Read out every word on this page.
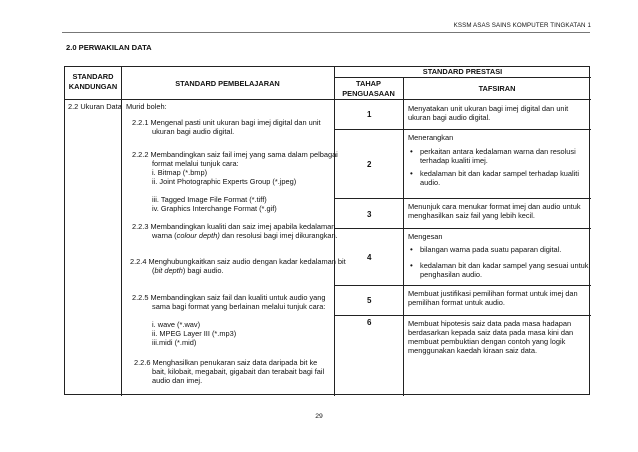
KSSM ASAS SAINS KOMPUTER TINGKATAN 1
2.0 PERWAKILAN DATA
STANDARD KANDUNGAN	STANDARD PEMBELAJARAN
STANDARD PRESTASI
TAHAP PENGUASAAN
TAFSIRAN
2.2 Ukuran Data Murid boleh:
2.2.1 Mengenal pasti unit ukuran bagi imej digital dan unit ukuran bagi audio digital.
2.2.2 Membandingkan saiz fail imej yang sama dalam pelbagai format melalui tunjuk cara:
i. Bitmap (*.bmp)
ii. Joint Photographic Experts Group (*.jpeg)
iii. Tagged Image File Format (*.tiff)
iv. Graphics Interchange Format (*.gif)
2.2.3 Membandingkan kualiti dan saiz imej apabila kedalaman warna (colour depth) dan resolusi bagi imej dikurangkan.
2.2.4 Menghubungkaitkan saiz audio dengan kadar kedalaman bit (bit depth) bagi audio.
2.2.5 Membandingkan saiz fail dan kualiti untuk audio yang sama bagi format yang berlainan melalui tunjuk cara:
i. wave (*.wav)
ii. MPEG Layer III (*.mp3)
iii.midi (*.mid)
2.2.6 Menghasilkan penukaran saiz data daripada bit ke bait, kilobait, megabait, gigabait dan terabait bagi fail audio dan imej.
1
2
3
4
5
6
Menyatakan unit ukuran bagi imej digital dan unit ukuran bagi audio digital.
Menerangkan
• perkaitan antara kedalaman warna dan resolusi terhadap kualiti imej.
• kedalaman bit dan kadar sampel terhadap kualiti audio.
Menunjuk cara menukar format imej dan audio untuk menghasilkan saiz fail yang lebih kecil.
Mengesan
• bilangan warna pada suatu paparan digital.
• kedalaman bit dan kadar sampel yang sesuai untuk penghasilan audio.
Membuat justifikasi pemilihan format untuk imej dan pemilihan format untuk audio.
Membuat hipotesis saiz data pada masa hadapan berdasarkan kepada saiz data pada masa kini dan membuat pembuktian dengan contoh yang logik menggunakan kaedah kiraan saiz data.
29
